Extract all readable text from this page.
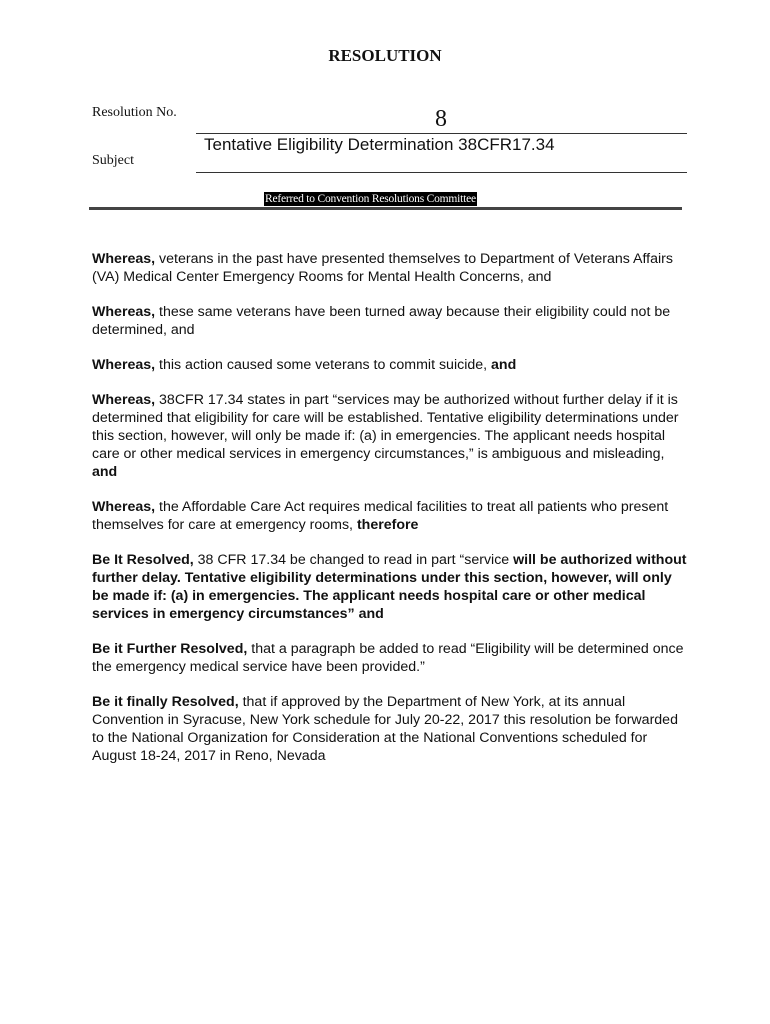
RESOLUTION
Resolution No.	8
Tentative Eligibility Determination 38CFR17.34
Subject
Referred to Convention Resolutions Committee

Whereas, veterans in the past have presented themselves to Department of Veterans Affairs (VA) Medical Center Emergency Rooms for Mental Health Concerns, and

Whereas, these same veterans have been turned away because their eligibility could not be determined, and

Whereas, this action caused some veterans to commit suicide, and

Whereas, 38CFR 17.34 states in part “services may be authorized without further delay if it is determined that eligibility for care will be established. Tentative eligibility determinations under this section, however, will only be made if: (a) in emergencies. The applicant needs hospital care or other medical services in emergency circumstances,” is ambiguous and misleading, and

Whereas, the Affordable Care Act requires medical facilities to treat all patients who present themselves for care at emergency rooms, therefore

Be It Resolved, 38 CFR 17.34 be changed to read in part “service will be authorized without further delay. Tentative eligibility determinations under this section, however, will only be made if: (a) in emergencies. The applicant needs hospital care or other medical services in emergency circumstances” and

Be it Further Resolved, that a paragraph be added to read “Eligibility will be determined once the emergency medical service have been provided.”

Be it finally Resolved, that if approved by the Department of New York, at its annual Convention in Syracuse, New York schedule for July 20-22, 2017 this resolution be forwarded to the National Organization for Consideration at the National Conventions scheduled for August 18-24, 2017 in Reno, Nevada
